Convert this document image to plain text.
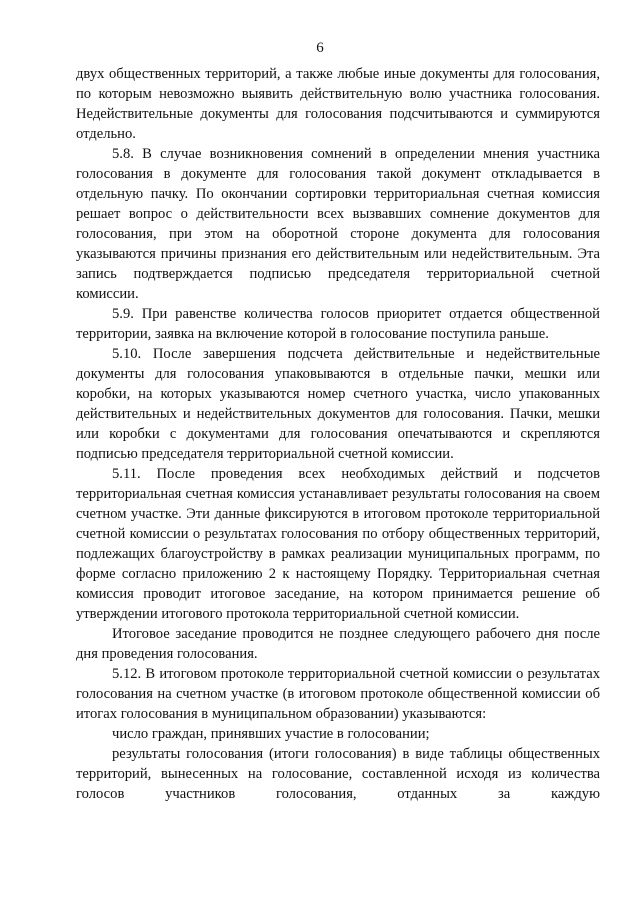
6

двух общественных территорий, а также любые иные документы для голосования, по которым невозможно выявить действительную волю участника голосования. Недействительные документы для голосования подсчитываются и суммируются отдельно.

5.8. В случае возникновения сомнений в определении мнения участника голосования в документе для голосования такой документ откладывается в отдельную пачку. По окончании сортировки территориальная счетная комиссия решает вопрос о действительности всех вызвавших сомнение документов для голосования, при этом на оборотной стороне документа для голосования указываются причины признания его действительным или недействительным. Эта запись подтверждается подписью председателя территориальной счетной комиссии.

5.9. При равенстве количества голосов приоритет отдается общественной территории, заявка на включение которой в голосование поступила раньше.

5.10. После завершения подсчета действительные и недействительные документы для голосования упаковываются в отдельные пачки, мешки или коробки, на которых указываются номер счетного участка, число упакованных действительных и недействительных документов для голосования. Пачки, мешки или коробки с документами для голосования опечатываются и скрепляются подписью председателя территориальной счетной комиссии.

5.11. После проведения всех необходимых действий и подсчетов территориальная счетная комиссия устанавливает результаты голосования на своем счетном участке. Эти данные фиксируются в итоговом протоколе территориальной счетной комиссии о результатах голосования по отбору общественных территорий, подлежащих благоустройству в рамках реализации муниципальных программ, по форме согласно приложению 2 к настоящему Порядку. Территориальная счетная комиссия проводит итоговое заседание, на котором принимается решение об утверждении итогового протокола территориальной счетной комиссии.

Итоговое заседание проводится не позднее следующего рабочего дня после дня проведения голосования.

5.12. В итоговом протоколе территориальной счетной комиссии о результатах голосования на счетном участке (в итоговом протоколе общественной комиссии об итогах голосования в муниципальном образовании) указываются:

число граждан, принявших участие в голосовании;

результаты голосования (итоги голосования) в виде таблицы общественных территорий, вынесенных на голосование, составленной исходя из количества голосов участников голосования, отданных за каждую
